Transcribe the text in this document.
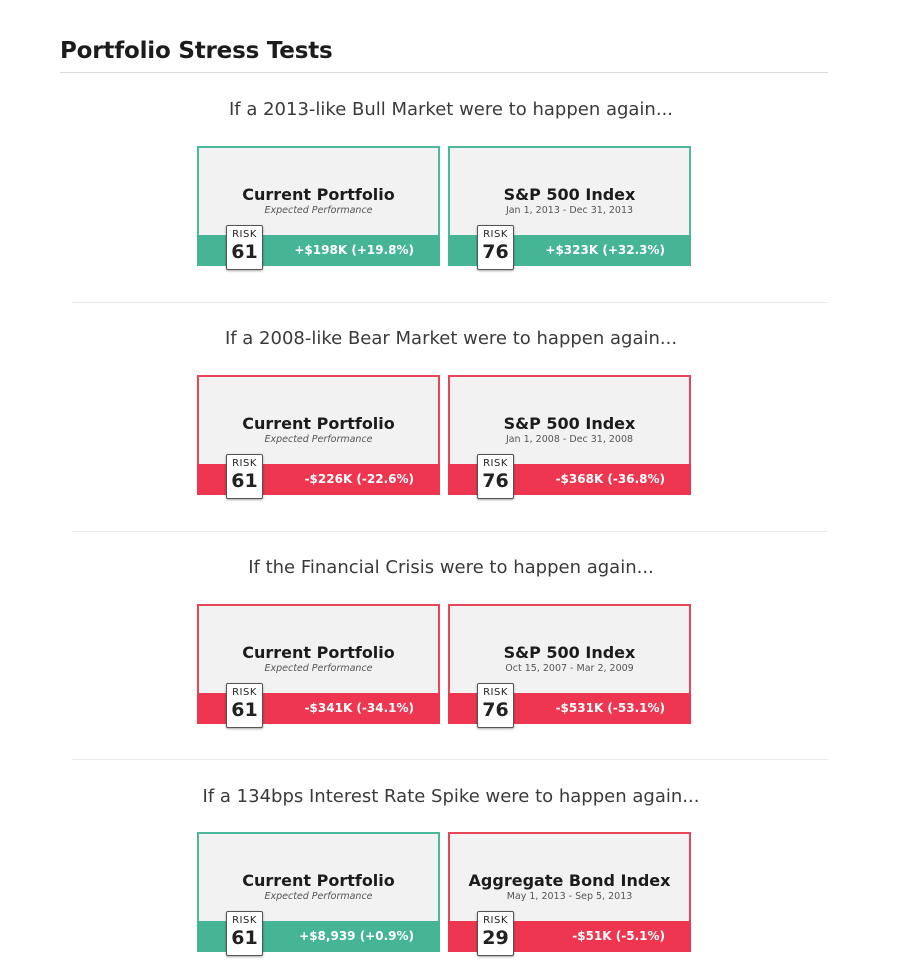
Portfolio Stress Tests
If a 2013-like Bull Market were to happen again...
Current Portfolio
Expected Performance
+$198K (+19.8%)
RISK
61
S&P 500 Index
Jan 1, 2013 - Dec 31, 2013
+$323K (+32.3%)
RISK
76
If a 2008-like Bear Market were to happen again...
Current Portfolio
Expected Performance
-$226K (-22.6%)
RISK
61
S&P 500 Index
Jan 1, 2008 - Dec 31, 2008
-$368K (-36.8%)
RISK
76
If the Financial Crisis were to happen again...
Current Portfolio
Expected Performance
-$341K (-34.1%)
RISK
61
S&P 500 Index
Oct 15, 2007 - Mar 2, 2009
-$531K (-53.1%)
RISK
76
If a 134bps Interest Rate Spike were to happen again...
Current Portfolio
Expected Performance
+$8,939 (+0.9%)
RISK
61
Aggregate Bond Index
May 1, 2013 - Sep 5, 2013
-$51K (-5.1%)
RISK
29
